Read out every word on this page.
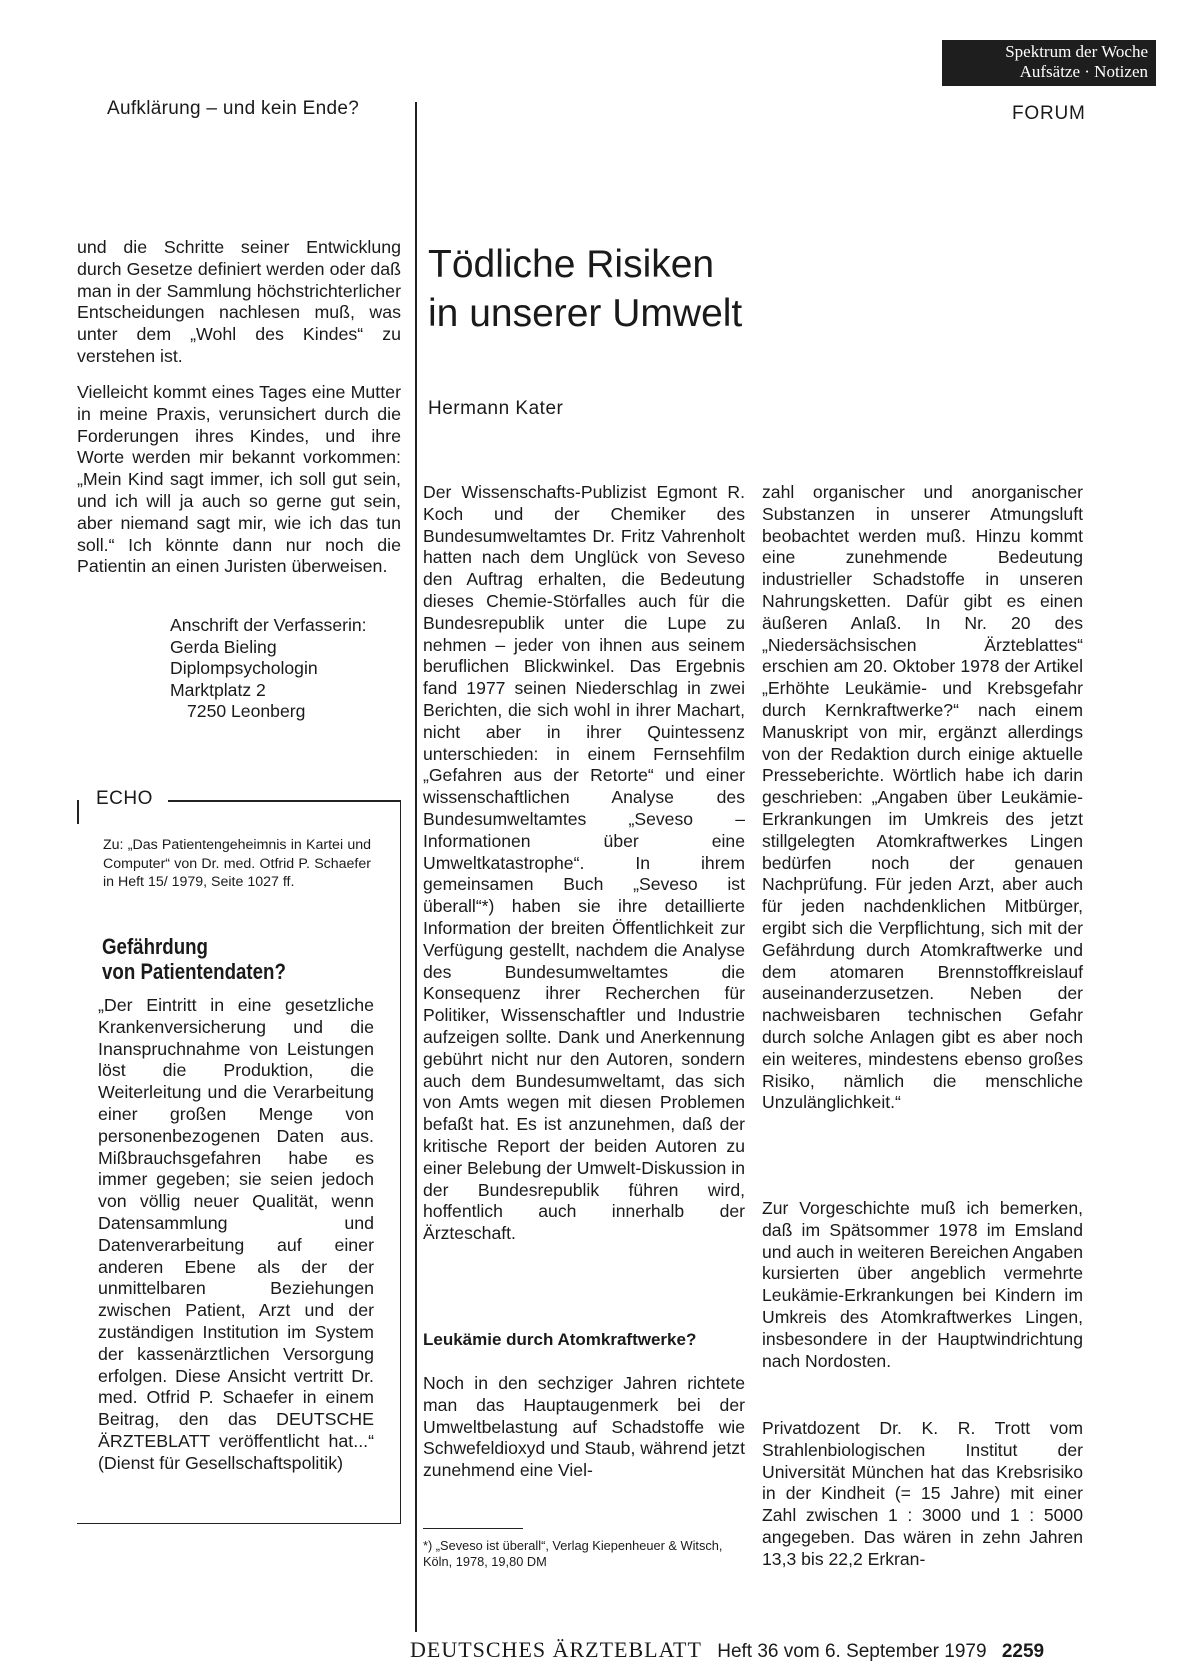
Spektrum der Woche
Aufsätze · Notizen
Aufklärung – und kein Ende?	FORUM
und die Schritte seiner Entwicklung durch Gesetze definiert werden oder daß man in der Sammlung höchstrichterlicher Entscheidungen nachlesen muß, was unter dem „Wohl des Kindes“ zu verstehen ist.
Vielleicht kommt eines Tages eine Mutter in meine Praxis, verunsichert durch die Forderungen ihres Kindes, und ihre Worte werden mir bekannt vorkommen: „Mein Kind sagt immer, ich soll gut sein, und ich will ja auch so gerne gut sein, aber niemand sagt mir, wie ich das tun soll.“ Ich könnte dann nur noch die Patientin an einen Juristen überweisen.
Anschrift der Verfasserin:
Gerda Bieling
Diplompsychologin
Marktplatz 2
7250 Leonberg
ECHO
Zu: „Das Patientengeheimnis in Kartei und Computer“ von Dr. med. Otfrid P. Schaefer in Heft 15/ 1979, Seite 1027 ff.
Gefährdung
von Patientendaten?
„Der Eintritt in eine gesetzliche Krankenversicherung und die Inanspruchnahme von Leistungen löst die Produktion, die Weiterleitung und die Verarbeitung einer großen Menge von personenbezogenen Daten aus. Mißbrauchsgefahren habe es immer gegeben; sie seien jedoch von völlig neuer Qualität, wenn Datensammlung und Datenverarbeitung auf einer anderen Ebene als der der unmittelbaren Beziehungen zwischen Patient, Arzt und der zuständigen Institution im System der kassenärztlichen Versorgung erfolgen. Diese Ansicht vertritt Dr. med. Otfrid P. Schaefer in einem Beitrag, den das DEUTSCHE ÄRZTEBLATT veröffentlicht hat...“ (Dienst für Gesellschaftspolitik)
Tödliche Risiken
in unserer Umwelt
Hermann Kater
Der Wissenschafts-Publizist Egmont R. Koch und der Chemiker des Bundesumweltamtes Dr. Fritz Vahrenholt hatten nach dem Unglück von Seveso den Auftrag erhalten, die Bedeutung dieses Chemie-Störfalles auch für die Bundesrepublik unter die Lupe zu nehmen – jeder von ihnen aus seinem beruflichen Blickwinkel. Das Ergebnis fand 1977 seinen Niederschlag in zwei Berichten, die sich wohl in ihrer Machart, nicht aber in ihrer Quintessenz unterschieden: in einem Fernsehfilm „Gefahren aus der Retorte“ und einer wissenschaftlichen Analyse des Bundesumweltamtes „Seveso – Informationen über eine Umweltkatastrophe“. In ihrem gemeinsamen Buch „Seveso ist überall“*) haben sie ihre detaillierte Information der breiten Öffentlichkeit zur Verfügung gestellt, nachdem die Analyse des Bundesumweltamtes die Konsequenz ihrer Recherchen für Politiker, Wissenschaftler und Industrie aufzeigen sollte. Dank und Anerkennung gebührt nicht nur den Autoren, sondern auch dem Bundesumweltamt, das sich von Amts wegen mit diesen Problemen befaßt hat. Es ist anzunehmen, daß der kritische Report der beiden Autoren zu einer Belebung der Umwelt-Diskussion in der Bundesrepublik führen wird, hoffentlich auch innerhalb der Ärzteschaft.
Leukämie durch Atomkraftwerke?
Noch in den sechziger Jahren richtete man das Hauptaugenmerk bei der Umweltbelastung auf Schadstoffe wie Schwefeldioxyd und Staub, während jetzt zunehmend eine Viel-
*) „Seveso ist überall“, Verlag Kiepenheuer & Witsch, Köln, 1978, 19,80 DM
zahl organischer und anorganischer Substanzen in unserer Atmungsluft beobachtet werden muß. Hinzu kommt eine zunehmende Bedeutung industrieller Schadstoffe in unseren Nahrungsketten. Dafür gibt es einen äußeren Anlaß. In Nr. 20 des „Niedersächsischen Ärzteblattes“ erschien am 20. Oktober 1978 der Artikel „Erhöhte Leukämie- und Krebsgefahr durch Kernkraftwerke?“ nach einem Manuskript von mir, ergänzt allerdings von der Redaktion durch einige aktuelle Presseberichte. Wörtlich habe ich darin geschrieben: „Angaben über Leukämie-Erkrankungen im Umkreis des jetzt stillgelegten Atomkraftwerkes Lingen bedürfen noch der genauen Nachprüfung. Für jeden Arzt, aber auch für jeden nachdenklichen Mitbürger, ergibt sich die Verpflichtung, sich mit der Gefährdung durch Atomkraftwerke und dem atomaren Brennstoffkreislauf auseinanderzusetzen. Neben der nachweisbaren technischen Gefahr durch solche Anlagen gibt es aber noch ein weiteres, mindestens ebenso großes Risiko, nämlich die menschliche Unzulänglichkeit.“
Zur Vorgeschichte muß ich bemerken, daß im Spätsommer 1978 im Emsland und auch in weiteren Bereichen Angaben kursierten über angeblich vermehrte Leukämie-Erkrankungen bei Kindern im Umkreis des Atomkraftwerkes Lingen, insbesondere in der Hauptwindrichtung nach Nordosten.
Privatdozent Dr. K. R. Trott vom Strahlenbiologischen Institut der Universität München hat das Krebsrisiko in der Kindheit (= 15 Jahre) mit einer Zahl zwischen 1 : 3000 und 1 : 5000 angegeben. Das wären in zehn Jahren 13,3 bis 22,2 Erkran-
DEUTSCHES ÄRZTEBLATT Heft 36 vom 6. September 1979 2259
